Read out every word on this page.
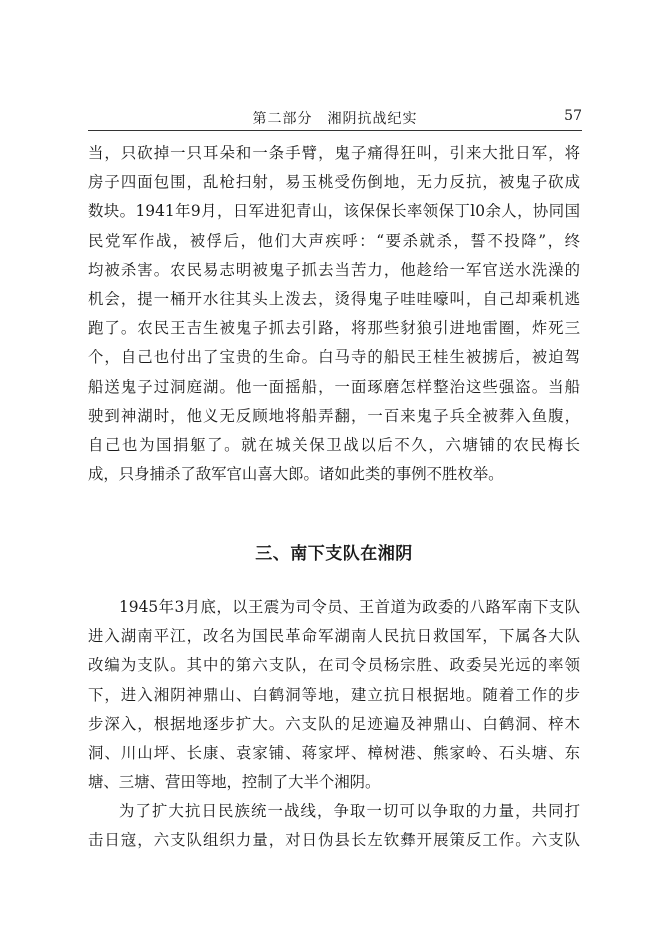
第二部分　湘阴抗战纪实	57
当，只砍掉一只耳朵和一条手臂，鬼子痛得狂叫，引来大批日军，将
房子四面包围，乱枪扫射，易玉桃受伤倒地，无力反抗，被鬼子砍成
数块。1941年9月，日军进犯青山，该保保长率领保丁l0余人，协同国
民党军作战，被俘后，他们大声疾呼：“要杀就杀，誓不投降”，终
均被杀害。农民易志明被鬼子抓去当苦力，他趁给一军官送水洗澡的
机会，提一桶开水往其头上泼去，烫得鬼子哇哇嚎叫，自己却乘机逃
跑了。农民王吉生被鬼子抓去引路，将那些豺狼引进地雷圈，炸死三
个，自己也付出了宝贵的生命。白马寺的船民王桂生被掳后，被迫驾
船送鬼子过洞庭湖。他一面摇船，一面琢磨怎样整治这些强盗。当船
驶到神湖时，他义无反顾地将船弄翻，一百来鬼子兵全被葬入鱼腹，
自己也为国捐躯了。就在城关保卫战以后不久，六塘铺的农民梅长
成，只身捕杀了敌军官山喜大郎。诸如此类的事例不胜枚举。
三、南下支队在湘阴
1945年3月底，以王震为司令员、王首道为政委的八路军南下支队
进入湖南平江，改名为国民革命军湖南人民抗日救国军，下属各大队
改编为支队。其中的第六支队，在司令员杨宗胜、政委吴光远的率领
下，进入湘阴神鼎山、白鹤洞等地，建立抗日根据地。随着工作的步
步深入，根据地逐步扩大。六支队的足迹遍及神鼎山、白鹤洞、梓木
洞、川山坪、长康、袁家铺、蒋家坪、樟树港、熊家岭、石头塘、东
塘、三塘、营田等地，控制了大半个湘阴。
为了扩大抗日民族统一战线，争取一切可以争取的力量，共同打
击日寇，六支队组织力量，对日伪县长左钦彝开展策反工作。六支队
